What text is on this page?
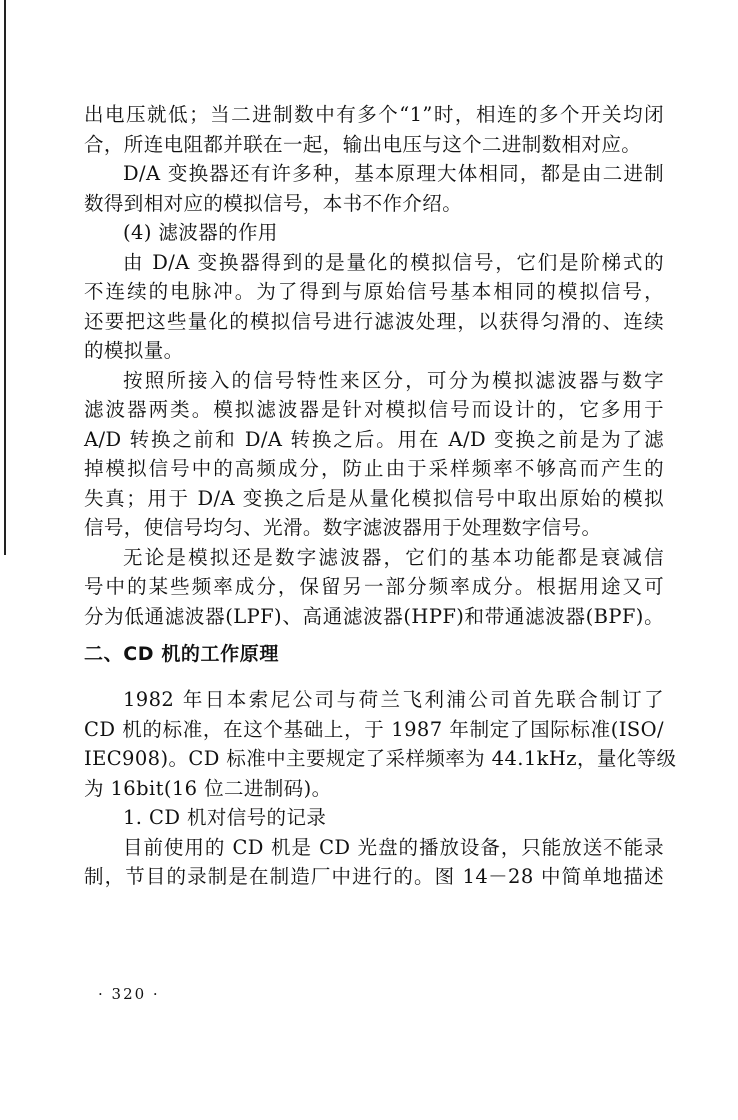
出电压就低；当二进制数中有多个“1”时，相连的多个开关均闭
合，所连电阻都并联在一起，输出电压与这个二进制数相对应。
D/A 变换器还有许多种，基本原理大体相同，都是由二进制
数得到相对应的模拟信号，本书不作介绍。
(4) 滤波器的作用
由 D/A 变换器得到的是量化的模拟信号，它们是阶梯式的
不连续的电脉冲。为了得到与原始信号基本相同的模拟信号，
还要把这些量化的模拟信号进行滤波处理，以获得匀滑的、连续
的模拟量。
按照所接入的信号特性来区分，可分为模拟滤波器与数字
滤波器两类。模拟滤波器是针对模拟信号而设计的，它多用于
A/D 转换之前和 D/A 转换之后。用在 A/D 变换之前是为了滤
掉模拟信号中的高频成分，防止由于采样频率不够高而产生的
失真；用于 D/A 变换之后是从量化模拟信号中取出原始的模拟
信号，使信号均匀、光滑。数字滤波器用于处理数字信号。
无论是模拟还是数字滤波器，它们的基本功能都是衰减信
号中的某些频率成分，保留另一部分频率成分。根据用途又可
分为低通滤波器(LPF)、高通滤波器(HPF)和带通滤波器(BPF)。
二、CD 机的工作原理
1982 年日本索尼公司与荷兰飞利浦公司首先联合制订了
CD 机的标准，在这个基础上，于 1987 年制定了国际标准(ISO/
IEC908)。CD 标准中主要规定了采样频率为 44.1kHz，量化等级
为 16bit(16 位二进制码)。
1. CD 机对信号的记录
目前使用的 CD 机是 CD 光盘的播放设备，只能放送不能录
制，节目的录制是在制造厂中进行的。图 14－28 中简单地描述
· 320 ·
